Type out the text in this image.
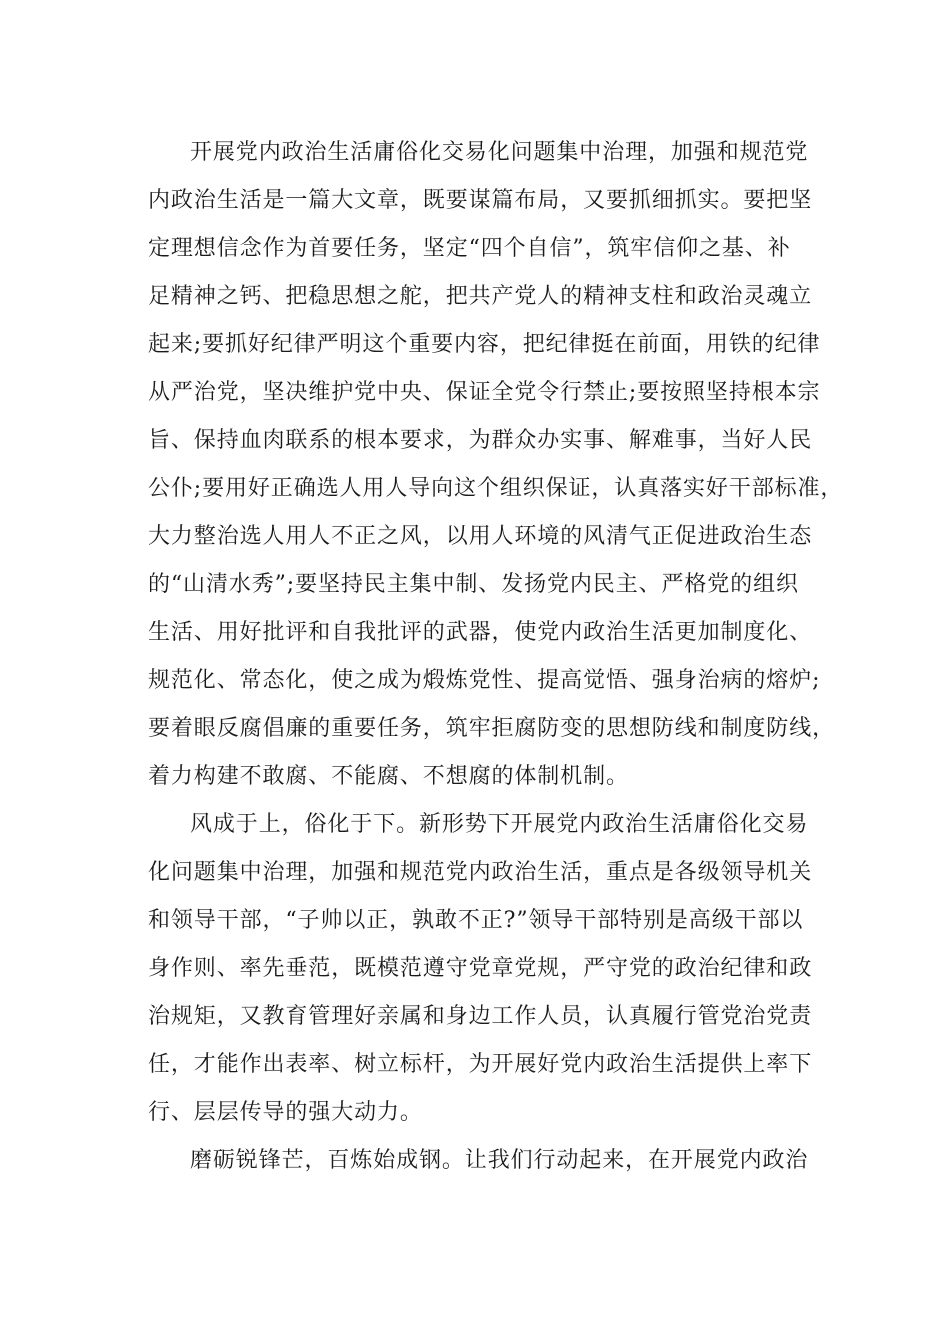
开展党内政治生活庸俗化交易化问题集中治理，加强和规范党

内政治生活是一篇大文章，既要谋篇布局，又要抓细抓实。要把坚

定理想信念作为首要任务，坚定“四个自信”，筑牢信仰之基、补

足精神之钙、把稳思想之舵，把共产党人的精神支柱和政治灵魂立

起来;要抓好纪律严明这个重要内容，把纪律挺在前面，用铁的纪律

从严治党，坚决维护党中央、保证全党令行禁止;要按照坚持根本宗

旨、保持血肉联系的根本要求，为群众办实事、解难事，当好人民

公仆;要用好正确选人用人导向这个组织保证，认真落实好干部标准，

大力整治选人用人不正之风，以用人环境的风清气正促进政治生态

的“山清水秀”;要坚持民主集中制、发扬党内民主、严格党的组织

生活、用好批评和自我批评的武器，使党内政治生活更加制度化、

规范化、常态化，使之成为煅炼党性、提高觉悟、强身治病的熔炉;

要着眼反腐倡廉的重要任务，筑牢拒腐防变的思想防线和制度防线，

着力构建不敢腐、不能腐、不想腐的体制机制。

风成于上，俗化于下。新形势下开展党内政治生活庸俗化交易

化问题集中治理，加强和规范党内政治生活，重点是各级领导机关

和领导干部，“子帅以正，孰敢不正?”领导干部特别是高级干部以

身作则、率先垂范，既模范遵守党章党规，严守党的政治纪律和政

治规矩，又教育管理好亲属和身边工作人员，认真履行管党治党责

任，才能作出表率、树立标杆，为开展好党内政治生活提供上率下

行、层层传导的强大动力。

磨砺锐锋芒，百炼始成钢。让我们行动起来，在开展党内政治
